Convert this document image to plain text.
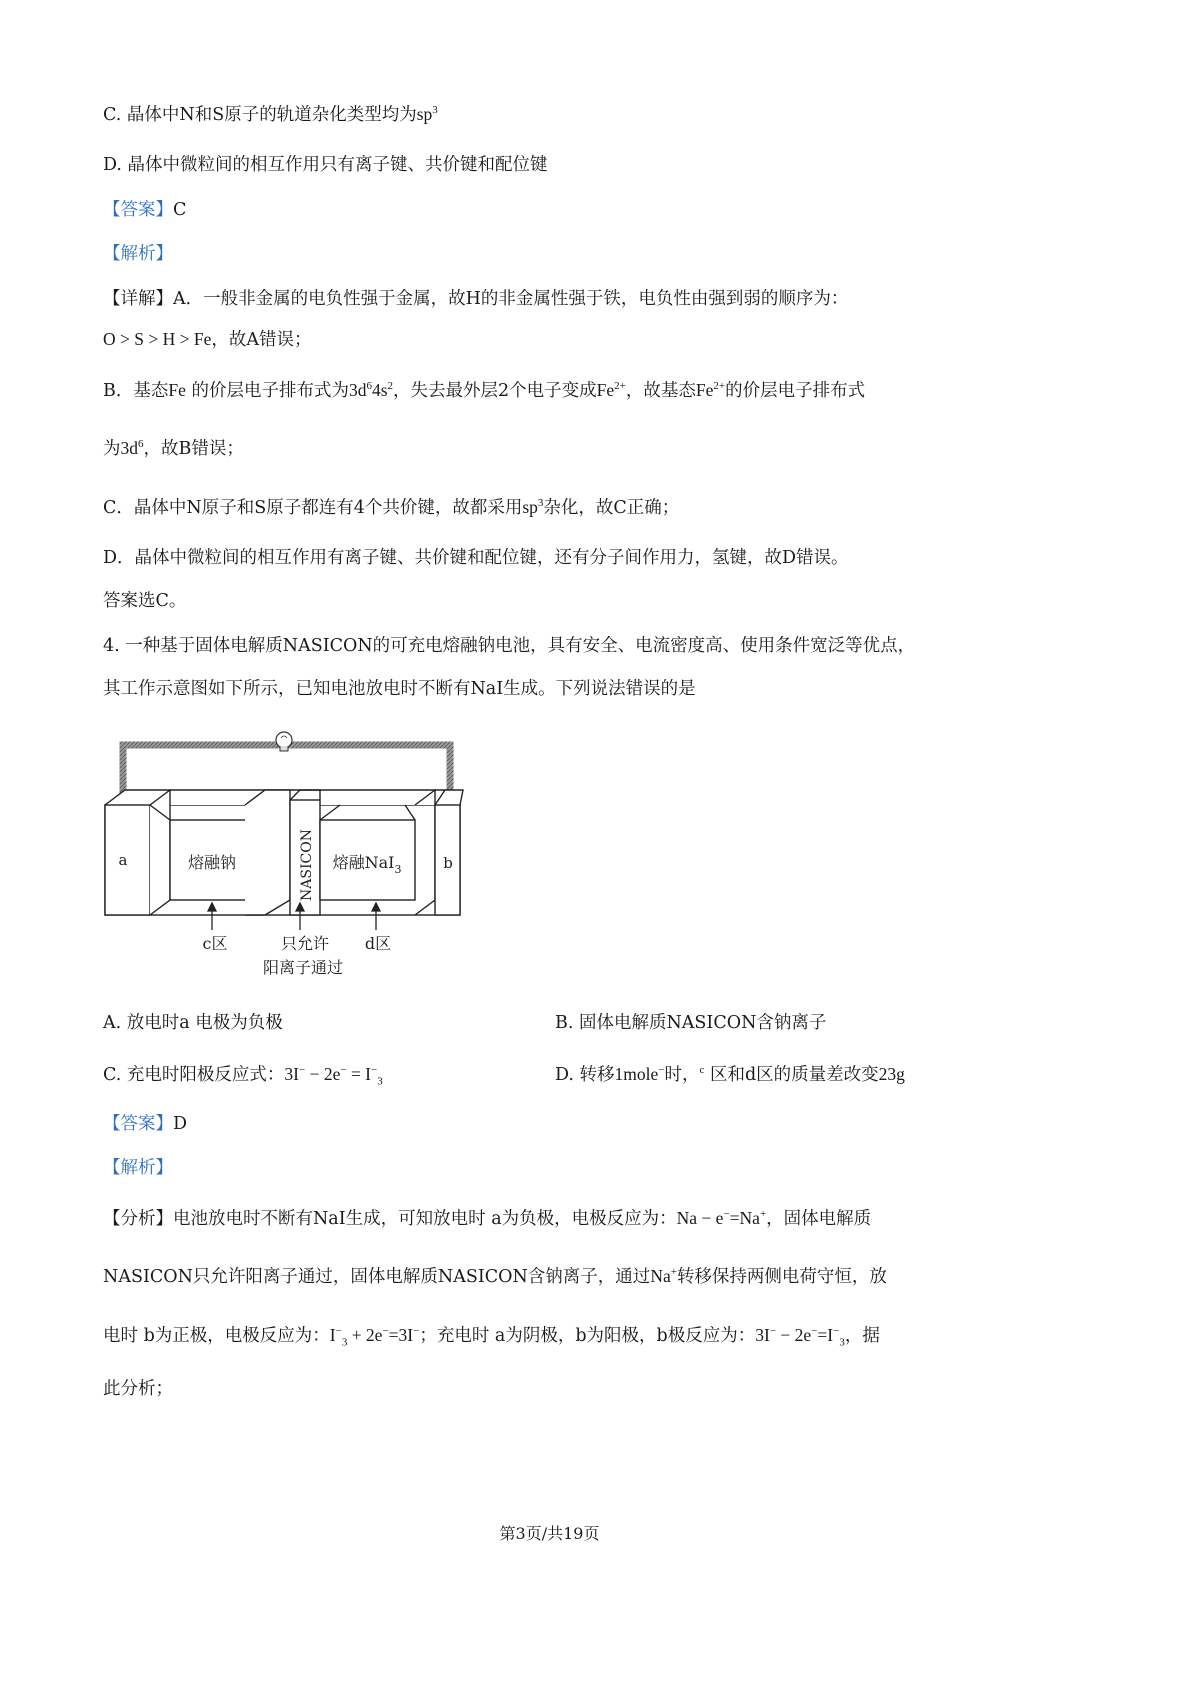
C. 晶体中N和S原子的轨道杂化类型均为$sp^3$
D. 晶体中微粒间的相互作用只有离子键、共价键和配位键
【答案】C
【解析】
【详解】A．一般非金属的电负性强于金属，故H的非金属性强于铁，电负性由强到弱的顺序为：
O > S > H > Fe，故A错误；
B．基态Fe 的价层电子排布式为$3d^64s^2$，失去最外层2个电子变成$Fe^{2+}$，故基态$Fe^{2+}$的价层电子排布式
为$3d^6$，故B错误；
C．晶体中N原子和S原子都连有4个共价键，故都采用$sp^3$杂化，故C正确；
D．晶体中微粒间的相互作用有离子键、共价键和配位键，还有分子间作用力，氢键，故D错误。
答案选C。
4. 一种基于固体电解质NASICON的可充电熔融钠电池，具有安全、电流密度高、使用条件宽泛等优点，
其工作示意图如下所示，已知电池放电时不断有NaI生成。下列说法错误的是
a	b
熔融钠	熔融NaI$_3$
NASICON
c区	只允许 d区
阳离子通过
A. 放电时a 电极为负极	B. 固体电解质NASICON含钠离子
C. 充电时阳极反应式：$3I^- - 2e^- = I^-_3$	D. 转移1mole−时，$^c$ 区和d区的质量差改变23g
【答案】D
【解析】
【分析】电池放电时不断有NaI生成，可知放电时 a为负极，电极反应为：Na − e−=Na+，固体电解质
NASICON只允许阳离子通过，固体电解质NASICON含钠离子，通过Na+转移保持两侧电荷守恒，放
电时 b为正极，电极反应为：$I^-_3 + 2e^-=3I^-$；充电时 a为阴极，b为阳极，b极反应为：$3I^- - 2e^-=I^-_3$，据
此分析；
第3页/共19页
